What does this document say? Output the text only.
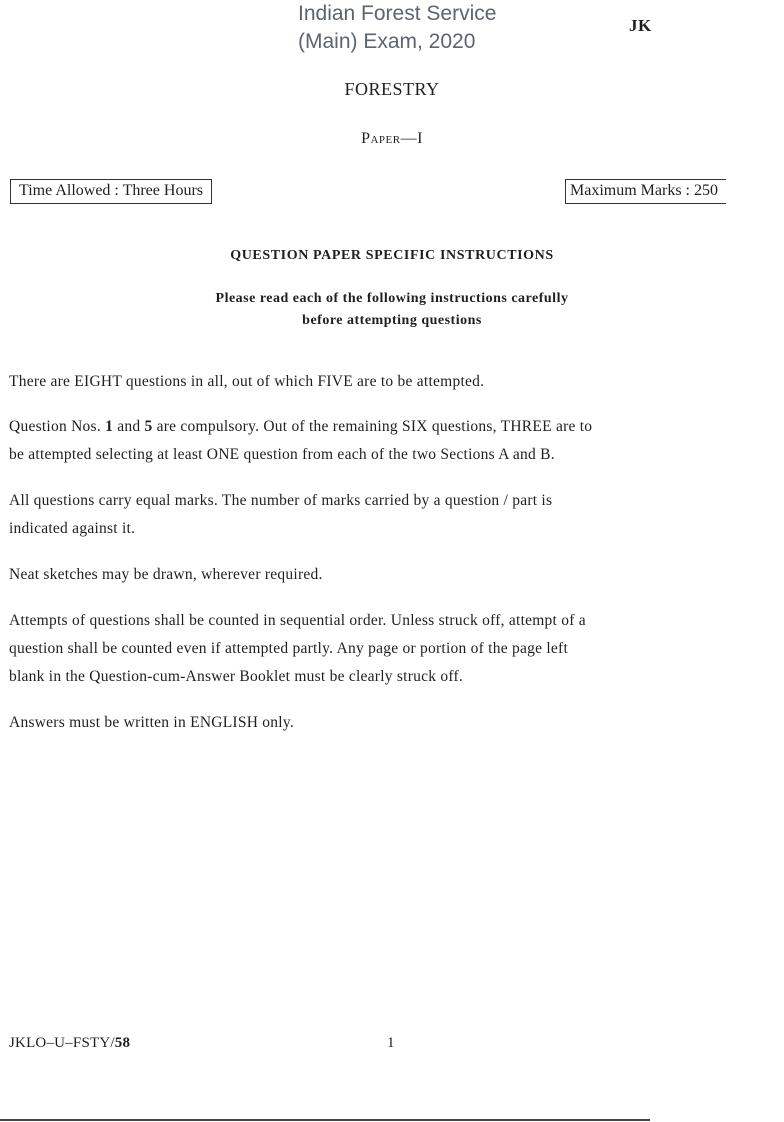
Indian Forest Service
(Main) Exam, 2020
JK
FORESTRY
Paper—I
Time Allowed : Three Hours	Maximum Marks : 250
QUESTION PAPER SPECIFIC INSTRUCTIONS
Please read each of the following instructions carefully
before attempting questions
There are EIGHT questions in all, out of which FIVE are to be attempted.
Question Nos. 1 and 5 are compulsory. Out of the remaining SIX questions, THREE are to
be attempted selecting at least ONE question from each of the two Sections A and B.
All questions carry equal marks. The number of marks carried by a question / part is
indicated against it.
Neat sketches may be drawn, wherever required.
Attempts of questions shall be counted in sequential order. Unless struck off, attempt of a
question shall be counted even if attempted partly. Any page or portion of the page left
blank in the Question-cum-Answer Booklet must be clearly struck off.
Answers must be written in ENGLISH only.
JKLO–U–FSTY/58	1
